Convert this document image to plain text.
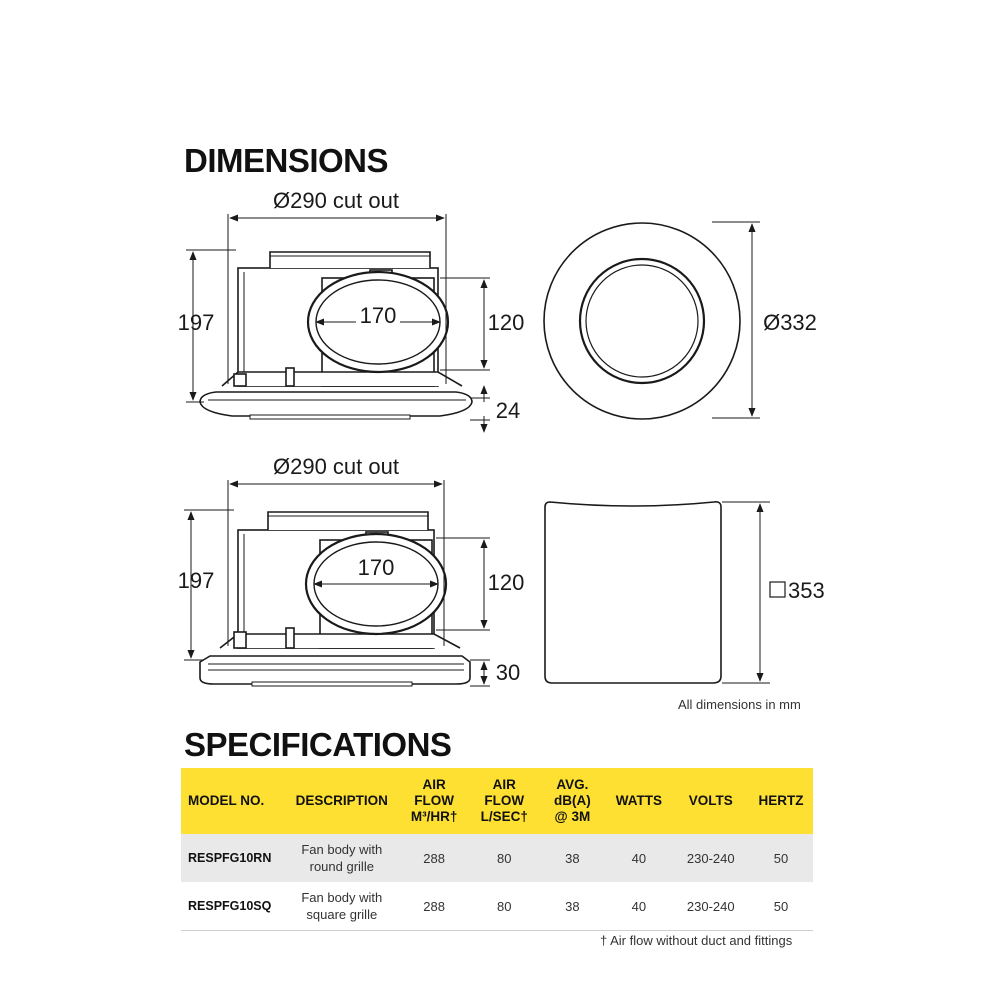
DIMENSIONS
Ø290 cut out
197	170	120
24
Ø332
Ø290 cut out
197
170
120
30
353
All dimensions in mm
SPECIFICATIONS
MODEL NO.	DESCRIPTION	AIR
FLOW
M³/HR†	AIR
FLOW
L/SEC†	AVG.
dB(A)
@ 3M	WATTS	VOLTS	HERTZ
RESPFG10RN	Fan body with
round grille	288	80	38	40	230-240	50
RESPFG10SQ	Fan body with
square grille	288	80	38	40	230-240	50
† Air flow without duct and fittings
